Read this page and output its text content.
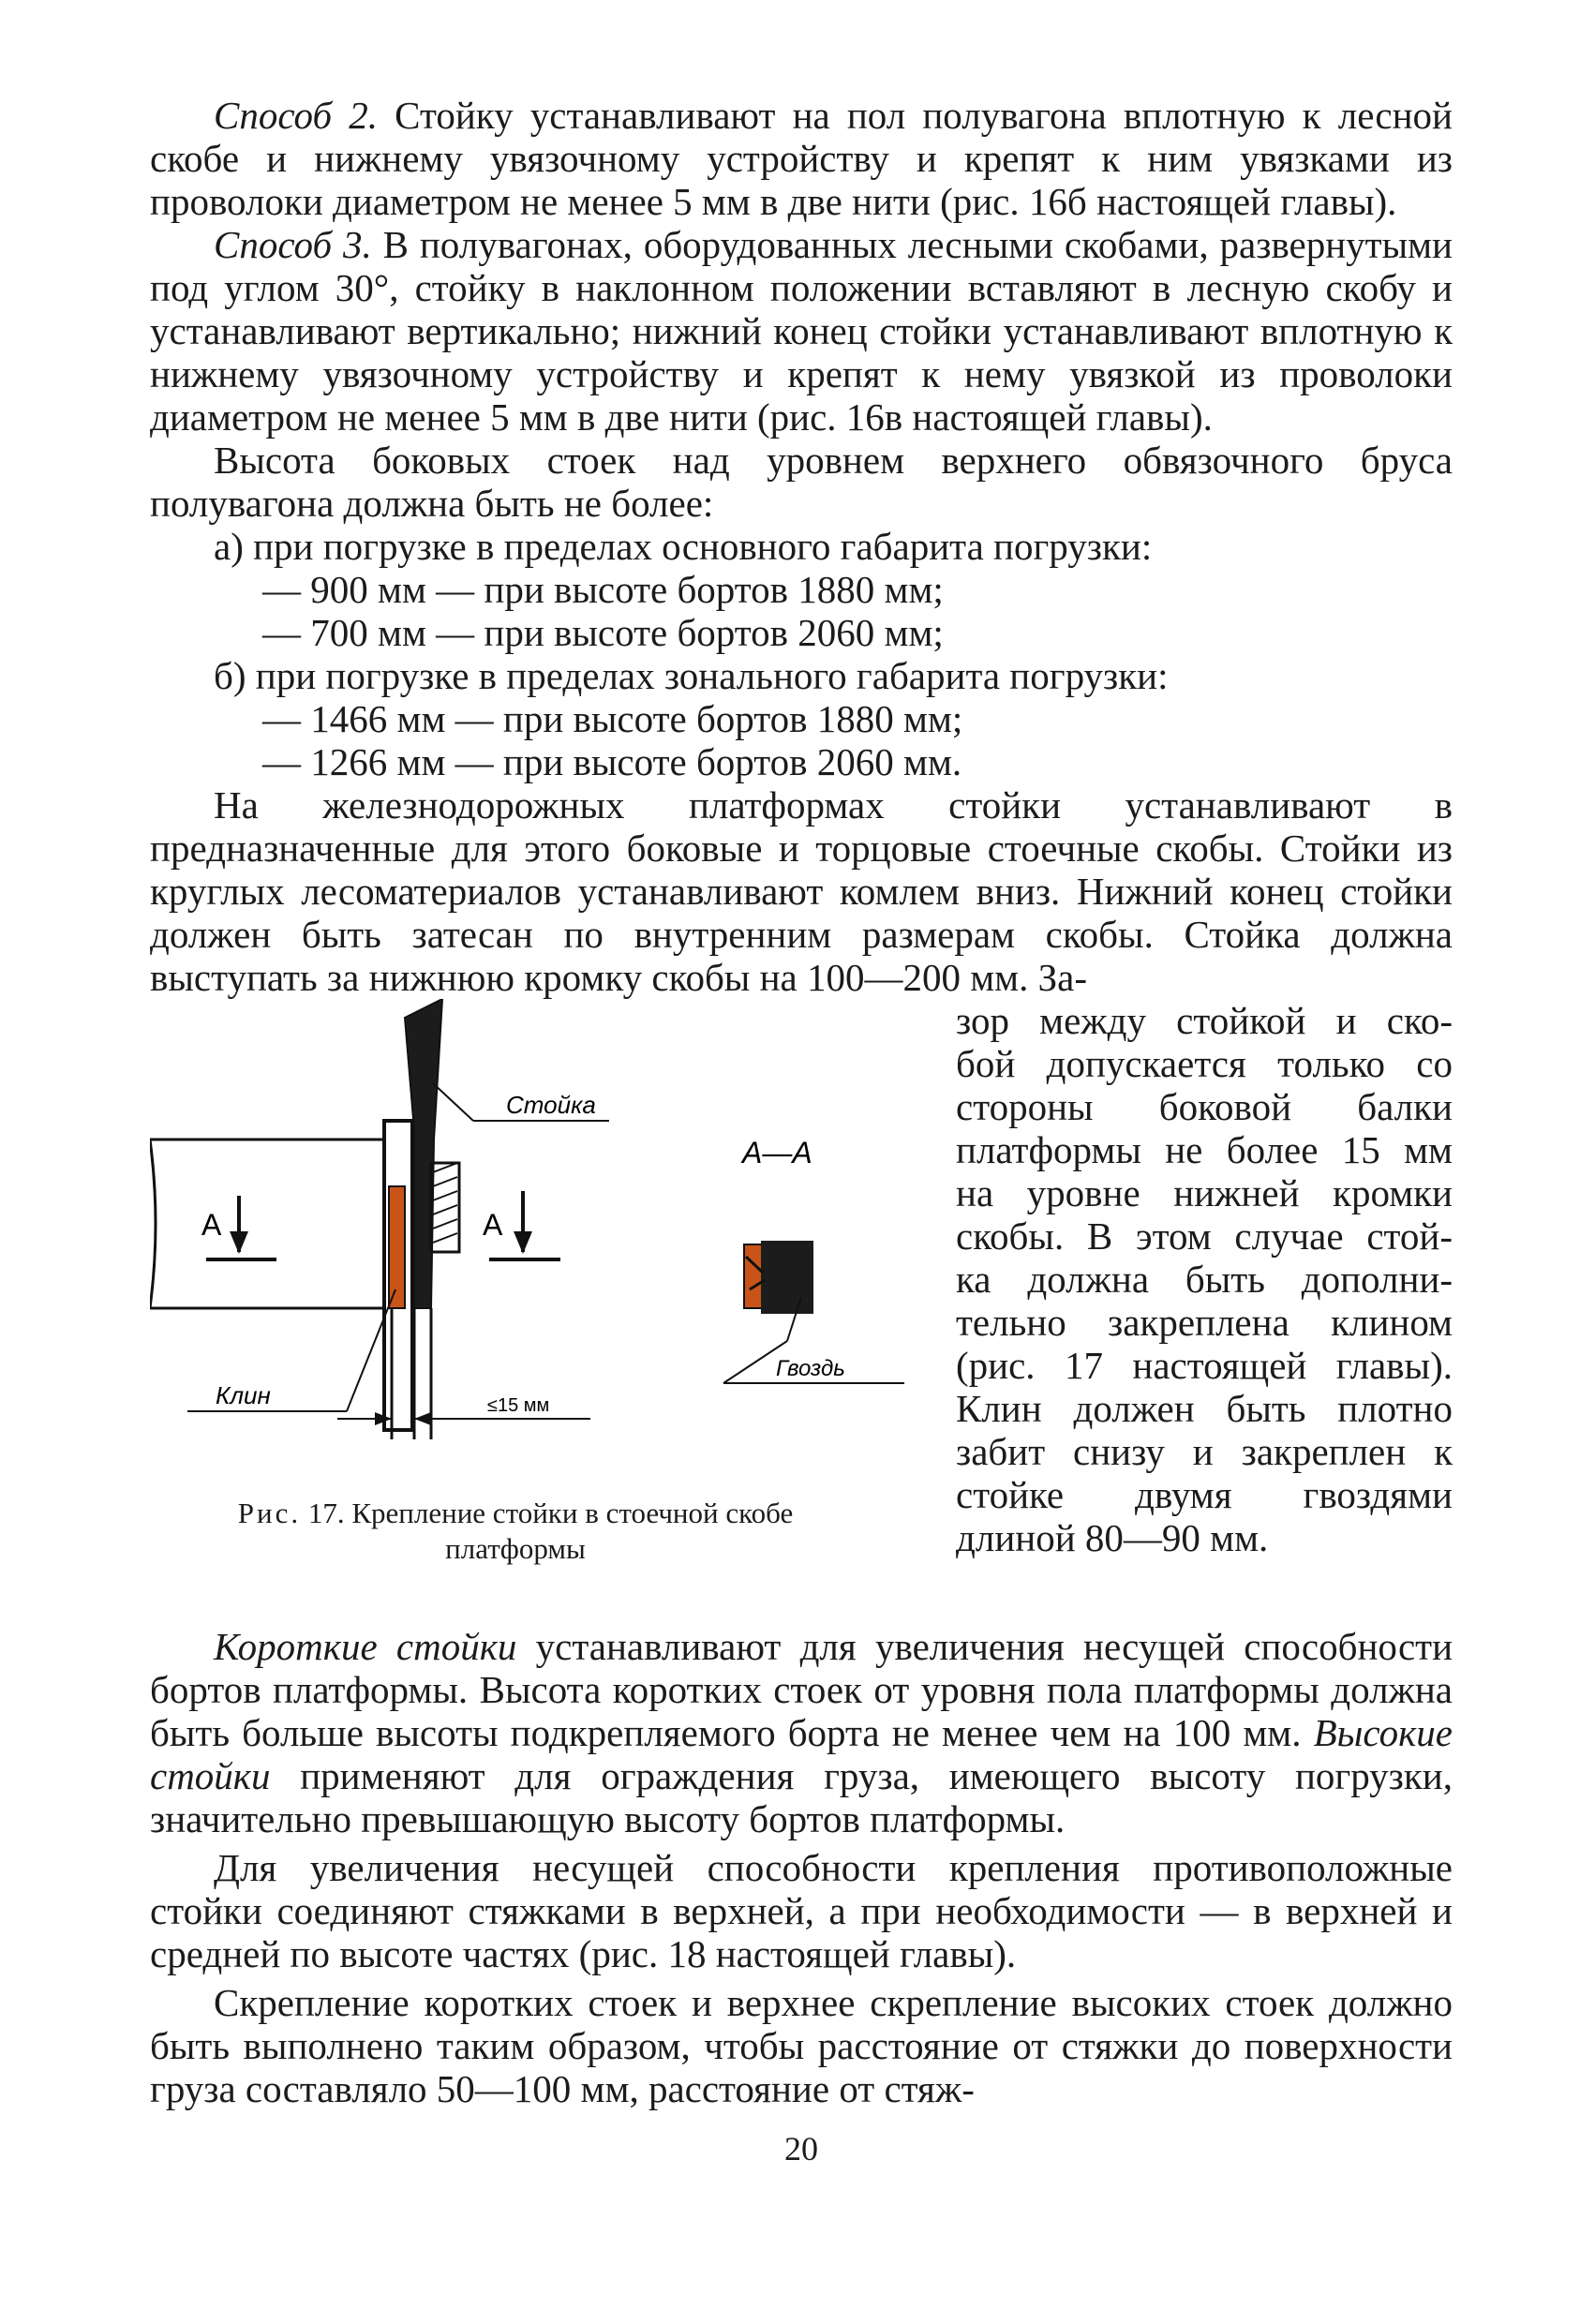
Способ 2. Стойку устанавливают на пол полувагона вплотную к лесной скобе и нижнему увязочному устройству и крепят к ним увязками из проволоки диаметром не менее 5 мм в две нити (рис. 16б настоящей главы).

Способ 3. В полувагонах, оборудованных лесными скобами, развернутыми под углом 30°, стойку в наклонном положении вставляют в лесную скобу и устанавливают вертикально; нижний конец стойки устанавливают вплотную к нижнему увязочному устройству и крепят к нему увязкой из проволоки диаметром не менее 5 мм в две нити (рис. 16в настоящей главы).

Высота боковых стоек над уровнем верхнего обвязочного бруса полувагона должна быть не более:

а) при погрузке в пределах основного габарита погрузки:

— 900 мм — при высоте бортов 1880 мм;

— 700 мм — при высоте бортов 2060 мм;

б) при погрузке в пределах зонального габарита погрузки:

— 1466 мм — при высоте бортов 1880 мм;

— 1266 мм — при высоте бортов 2060 мм.

На железнодорожных платформах стойки устанавливают в предназначенные для этого боковые и торцовые стоечные скобы. Стойки из круглых лесоматериалов устанавливают комлем вниз. Нижний конец стойки должен быть затесан по внутренним размерам скобы. Стойка должна выступать за нижнюю кромку скобы на 100—200 мм. За-

Стойка
А	А
Клин	≤15 мм
А—А
Гвоздь
Рис. 17. Крепление стойки в стоечной скобе
платформы
зор между стойкой и ско-
бой допускается только со
стороны боковой балки
платформы не более 15 мм
на уровне нижней кромки
скобы. В этом случае стой-
ка должна быть дополни-
тельно закреплена клином
(рис. 17 настоящей главы).
Клин должен быть плотно
забит снизу и закреплен к
стойке двумя гвоздями
длиной 80—90 мм.

Короткие стойки устанавливают для увеличения несущей способности бортов платформы. Высота коротких стоек от уровня пола платформы должна быть больше высоты подкрепляемого борта не менее чем на 100 мм. Высокие стойки применяют для ограждения груза, имеющего высоту погрузки, значительно превышающую высоту бортов платформы.

Для увеличения несущей способности крепления противоположные стойки соединяют стяжками в верхней, а при необходимости — в верхней и средней по высоте частях (рис. 18 настоящей главы).

Скрепление коротких стоек и верхнее скрепление высоких стоек должно быть выполнено таким образом, чтобы расстояние от стяжки до поверхности груза составляло 50—100 мм, расстояние от стяж-

20
